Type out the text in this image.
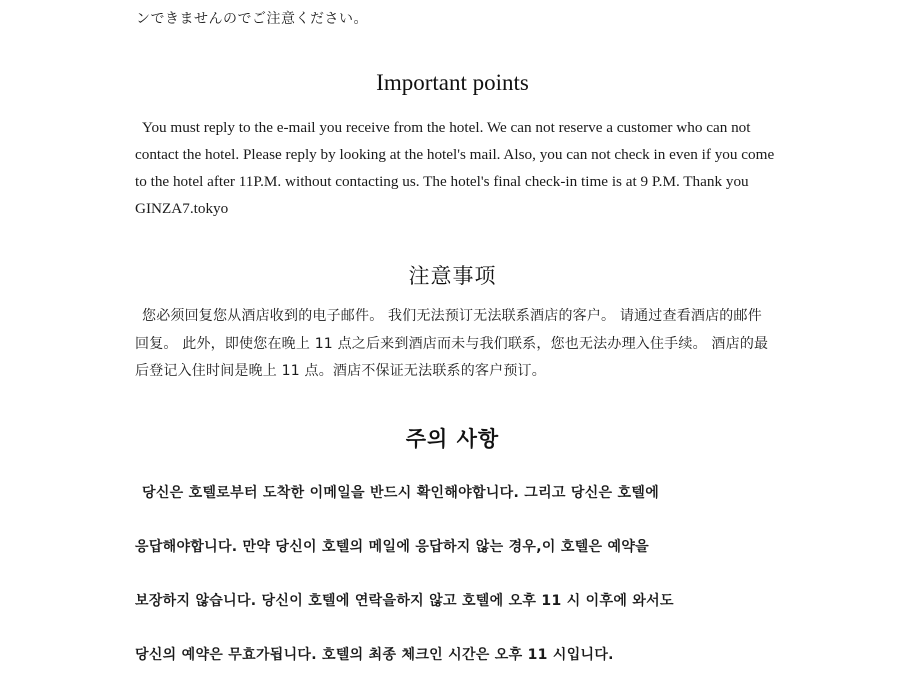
ンできませんのでご注意ください。
Important points
You must reply to the e-mail you receive from the hotel. We can not reserve a customer who can not contact the hotel. Please reply by looking at the hotel's mail. Also, you can not check in even if you come to the hotel after 11P.M. without contacting us. The hotel's final check-in time is at 9 P.M. Thank you GINZA7.tokyo
注意事项
您必须回复您从酒店收到的电子邮件。 我们无法预订无法联系酒店的客户。 请通过查看酒店的邮件回复。 此外，即使您在晚上 11 点之后来到酒店而未与我们联系，您也无法办理入住手续。 酒店的最后登记入住时间是晚上 11 点。酒店不保证无法联系的客户预订。
주의 사항
당신은 호텔로부터 도착한 이메일을 반드시 확인해야합니다. 그리고 당신은 호텔에
응답해야합니다. 만약 당신이 호텔의 메일에 응답하지 않는 경우,이 호텔은 예약을
보장하지 않습니다. 당신이 호텔에 연락을하지 않고 호텔에 오후 11 시 이후에 와서도
당신의 예약은 무효가됩니다. 호텔의 최종 체크인 시간은 오후 11 시입니다.
